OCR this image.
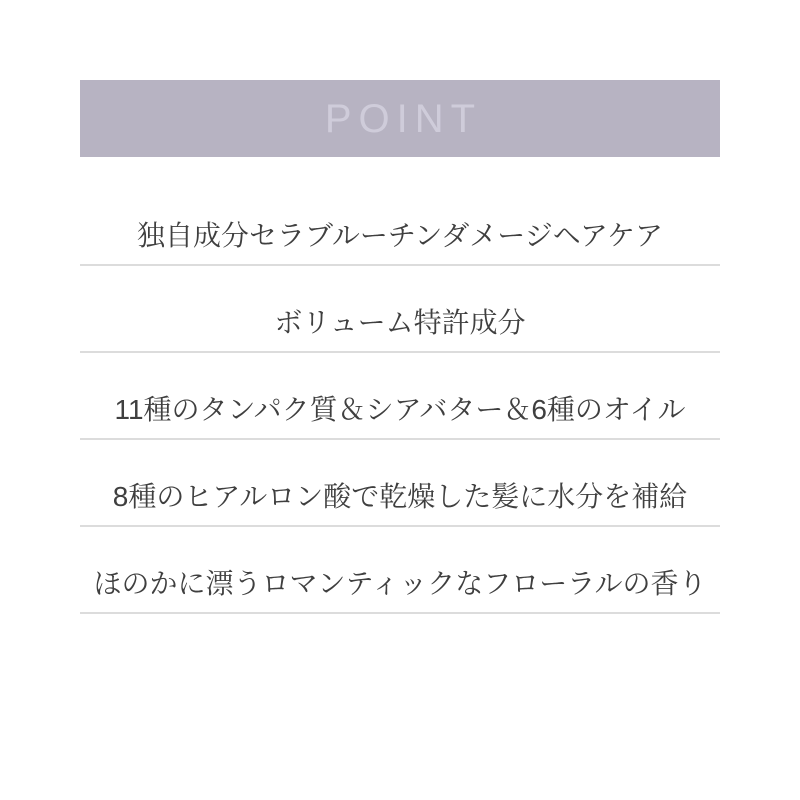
POINT
独自成分セラブルーチンダメージヘアケア
ボリューム特許成分
11種のタンパク質＆シアバター＆6種のオイル
8種のヒアルロン酸で乾燥した髪に水分を補給
ほのかに漂うロマンティックなフローラルの香り
